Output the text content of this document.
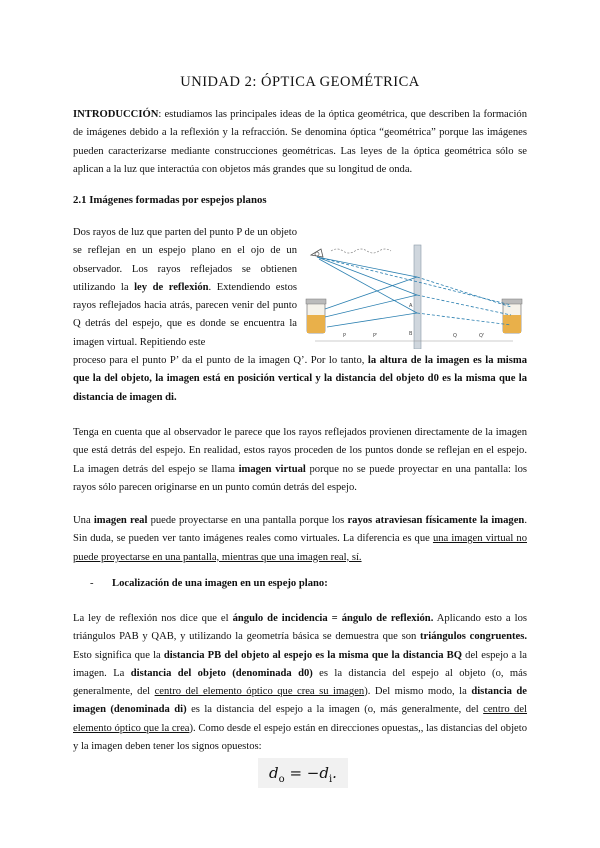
UNIDAD 2: ÓPTICA GEOMÉTRICA

INTRODUCCIÓN: estudiamos las principales ideas de la óptica geométrica, que describen la formación de imágenes debido a la reflexión y la refracción. Se denomina óptica “geométrica” porque las imágenes pueden caracterizarse mediante construcciones geométricas. Las leyes de la óptica geométrica sólo se aplican a la luz que interactúa con objetos más grandes que su longitud de onda.

2.1 Imágenes formadas por espejos planos

Dos rayos de luz que parten del punto P de un objeto se reflejan en un espejo plano en el ojo de un observador. Los rayos reflejados se obtienen utilizando la ley de reflexión. Extendiendo estos rayos reflejados hacia atrás, parecen venir del punto Q detrás del espejo, que es donde se encuentra la imagen virtual. Repitiendo este

A
B	Q	Q'
P	P'

proceso para el punto P’ da el punto de la imagen Q’. Por lo tanto, la altura de la imagen es la misma que la del objeto, la imagen está en posición vertical y la distancia del objeto d0 es la misma que la distancia de imagen di.

Tenga en cuenta que al observador le parece que los rayos reflejados provienen directamente de la imagen que está detrás del espejo. En realidad, estos rayos proceden de los puntos donde se reflejan en el espejo. La imagen detrás del espejo se llama imagen virtual porque no se puede proyectar en una pantalla: los rayos sólo parecen originarse en un punto común detrás del espejo.

Una imagen real puede proyectarse en una pantalla porque los rayos atraviesan físicamente la imagen. Sin duda, se pueden ver tanto imágenes reales como virtuales. La diferencia es que una imagen virtual no puede proyectarse en una pantalla, mientras que una imagen real, sí.

- Localización de una imagen en un espejo plano:

La ley de reflexión nos dice que el ángulo de incidencia = ángulo de reflexión. Aplicando esto a los triángulos PAB y QAB, y utilizando la geometría básica se demuestra que son triángulos congruentes. Esto significa que la distancia PB del objeto al espejo es la misma que la distancia BQ del espejo a la imagen. La distancia del objeto (denominada d0) es la distancia del espejo al objeto (o, más generalmente, del centro del elemento óptico que crea su imagen). Del mismo modo, la distancia de imagen (denominada di) es la distancia del espejo a la imagen (o, más generalmente, del centro del elemento óptico que la crea). Como desde el espejo están en direcciones opuestas,, las distancias del objeto y la imagen deben tener los signos opuestos:

$d_o = -d_i$.
